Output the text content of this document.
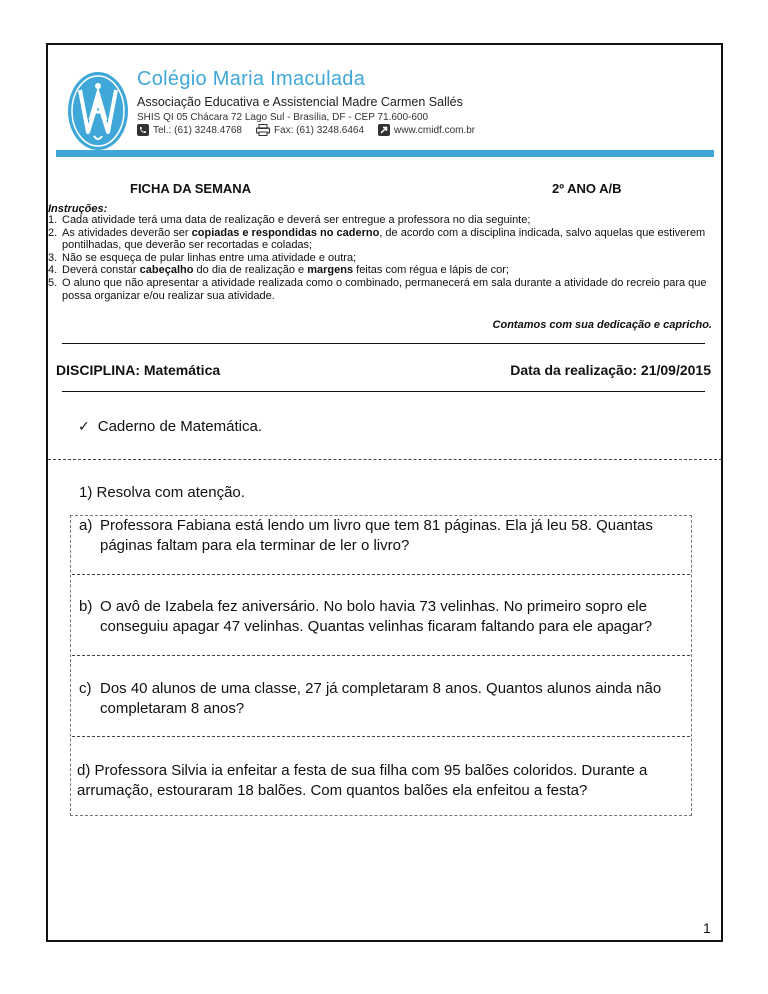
Colégio Maria Imaculada
Associação Educativa e Assistencial Madre Carmen Sallés
SHIS QI 05 Chácara 72 Lago Sul - Brasília, DF - CEP 71.600-600
Tel.: (61) 3248.4768	Fax: (61) 3248.6464	www.cmidf.com.br
FICHA DA SEMANA	2º ANO A/B
Instruções:
1. Cada atividade terá uma data de realização e deverá ser entregue a professora no dia seguinte;
2. As atividades deverão ser copiadas e respondidas no caderno, de acordo com a disciplina indicada, salvo aquelas que estiverem pontilhadas, que deverão ser recortadas e coladas;
3. Não se esqueça de pular linhas entre uma atividade e outra;
4. Deverá constar cabeçalho do dia de realização e margens feitas com régua e lápis de cor;
5. O aluno que não apresentar a atividade realizada como o combinado, permanecerá em sala durante a atividade do recreio para que possa organizar e/ou realizar sua atividade.
Contamos com sua dedicação e capricho.
DISCIPLINA: Matemática	Data da realização: 21/09/2015
✓ Caderno de Matemática.
1) Resolva com atenção.
a) Professora Fabiana está lendo um livro que tem 81 páginas. Ela já leu 58. Quantas páginas faltam para ela terminar de ler o livro?
b) O avô de Izabela fez aniversário. No bolo havia 73 velinhas. No primeiro sopro ele conseguiu apagar 47 velinhas. Quantas velinhas ficaram faltando para ele apagar?
c) Dos 40 alunos de uma classe, 27 já completaram 8 anos. Quantos alunos ainda não completaram 8 anos?
d) Professora Silvia ia enfeitar a festa de sua filha com 95 balões coloridos. Durante a arrumação, estouraram 18 balões. Com quantos balões ela enfeitou a festa?
1
